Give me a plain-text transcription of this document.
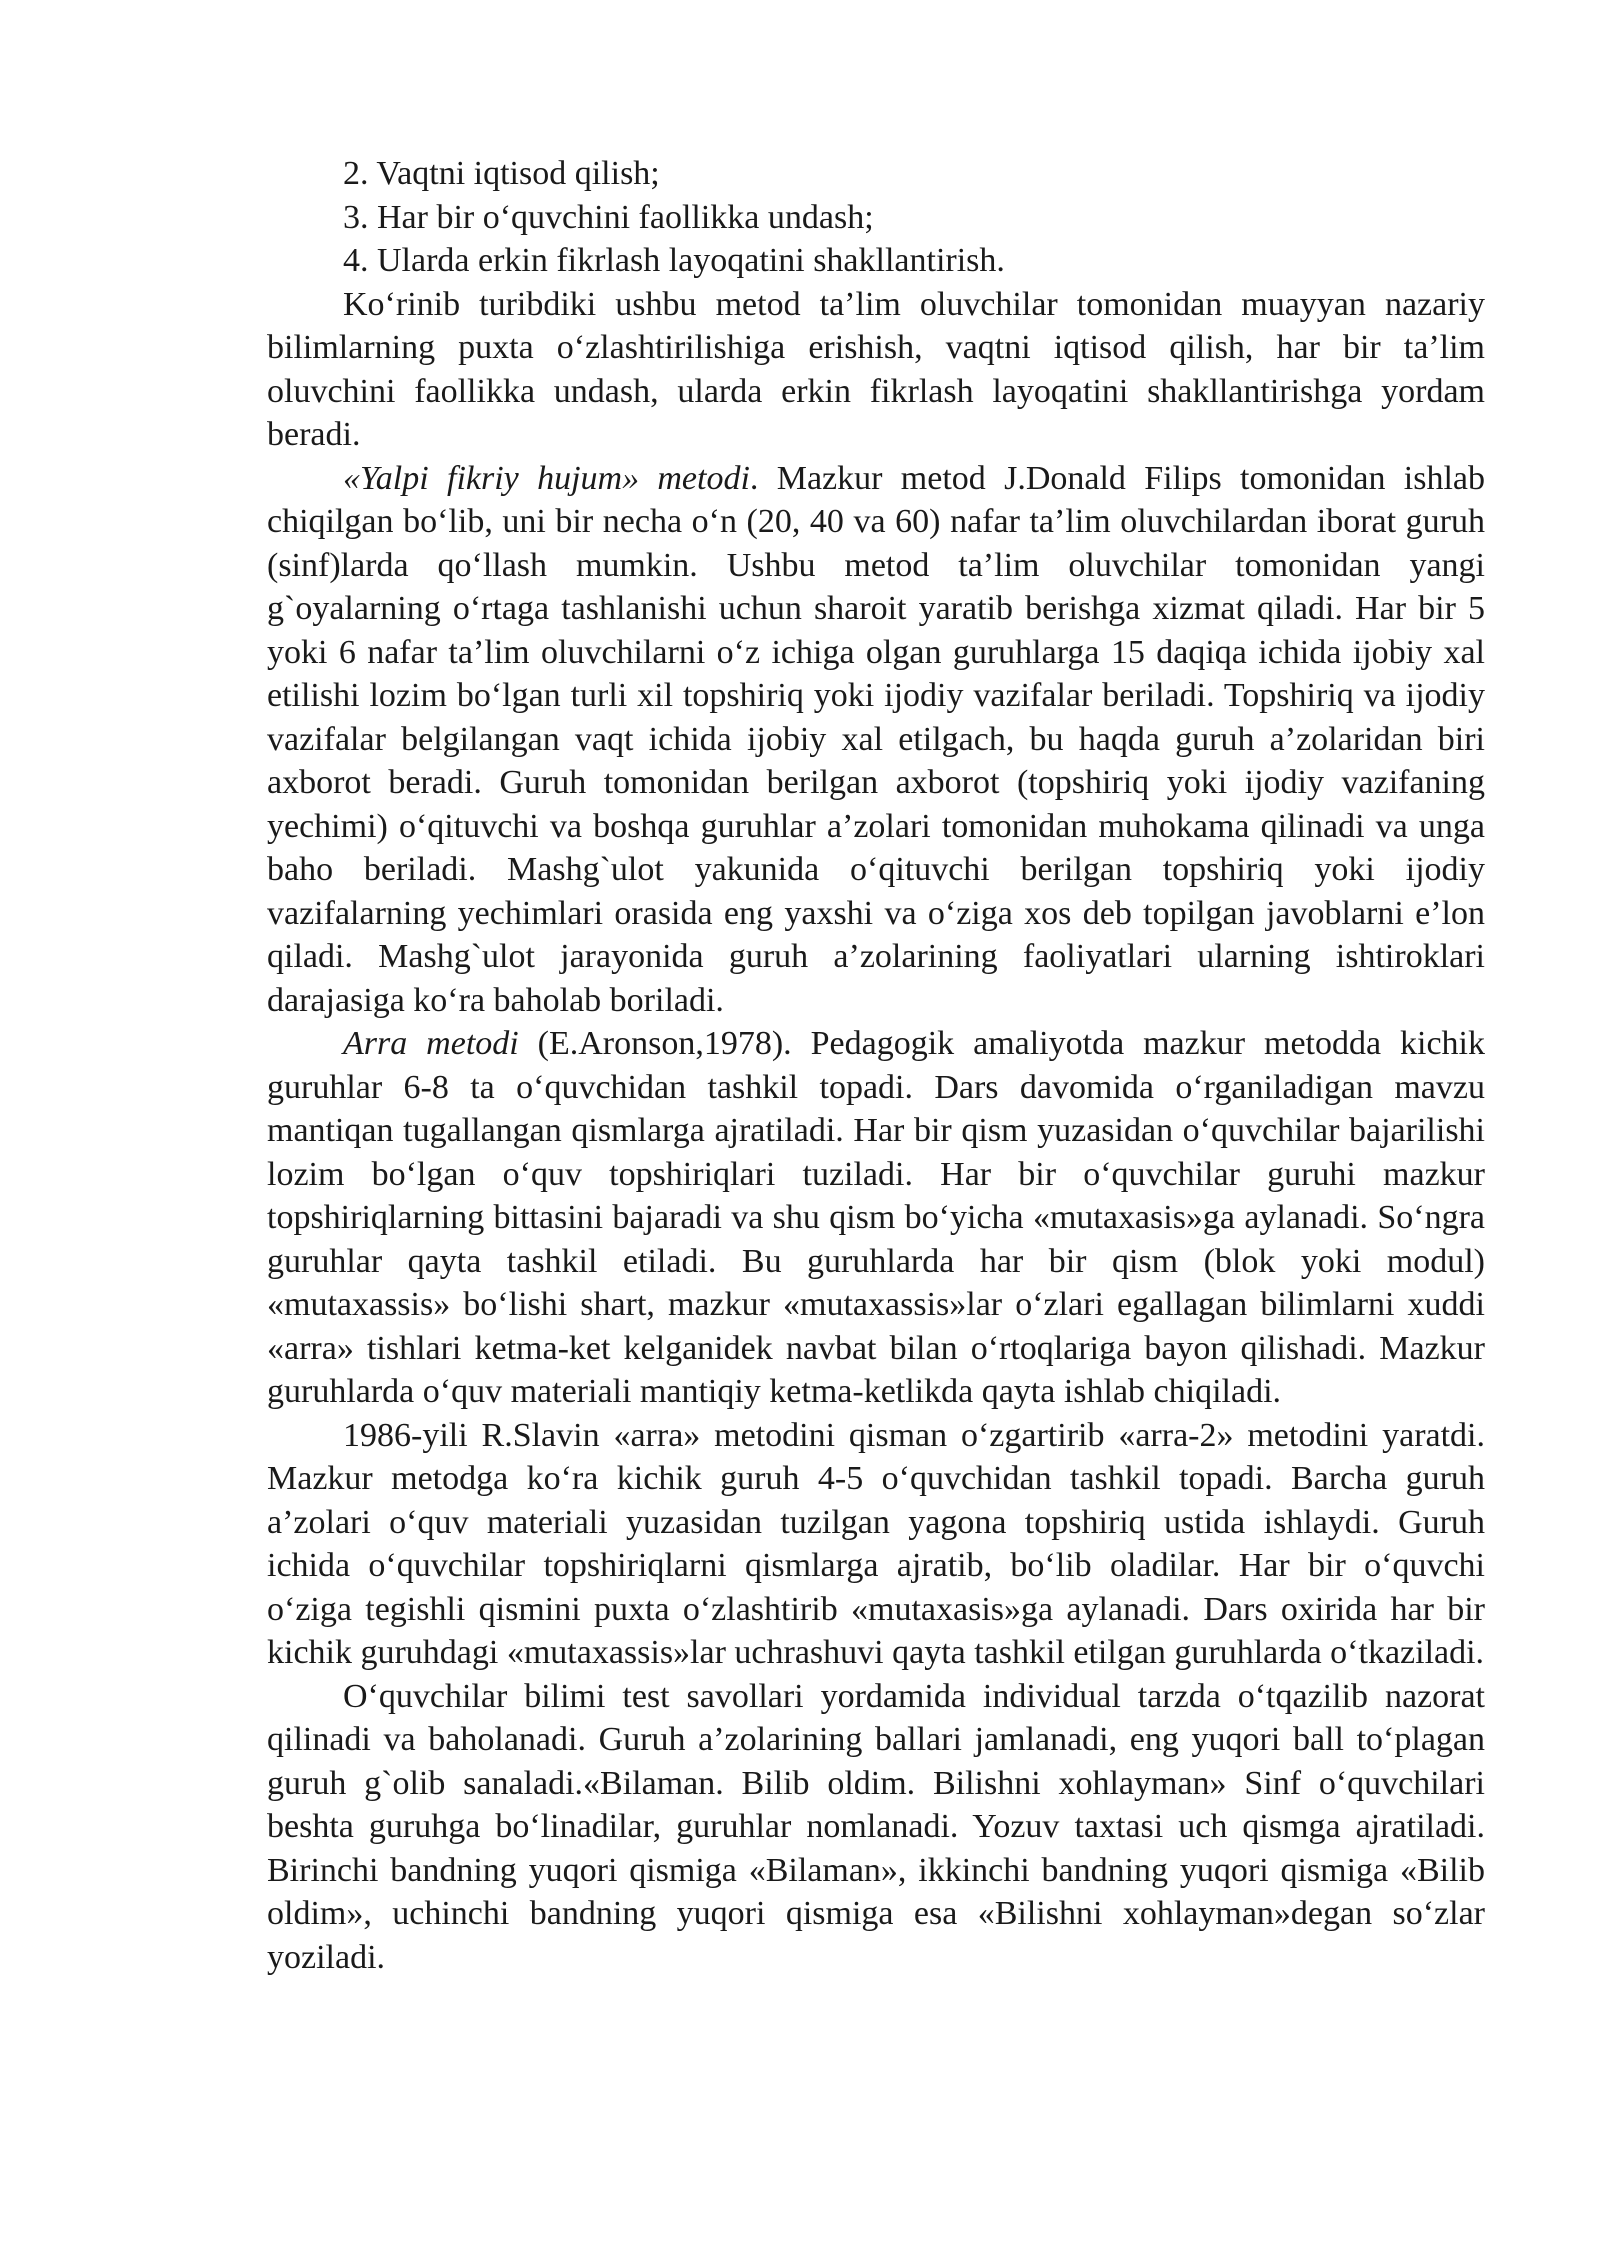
2. Vaqtni iqtisod qilish;

3. Har bir o‘quvchini faollikka undash;

4. Ularda erkin fikrlash layoqatini shakllantirish.

Ko‘rinib turibdiki ushbu metod ta’lim oluvchilar tomonidan muayyan nazariy bilimlarning puxta o‘zlashtirilishiga erishish, vaqtni iqtisod qilish, har bir ta’lim oluvchini faollikka undash, ularda erkin fikrlash layoqatini shakllantirishga yordam beradi.

«Yalpi fikriy hujum» metodi. Mazkur metod J.Donald Filips tomonidan ishlab chiqilgan bo‘lib, uni bir necha o‘n (20, 40 va 60) nafar ta’lim oluvchilardan iborat guruh (sinf)larda qo‘llash mumkin. Ushbu metod ta’lim oluvchilar tomonidan yangi g`oyalarning o‘rtaga tashlanishi uchun sharoit yaratib berishga xizmat qiladi. Har bir 5 yoki 6 nafar ta’lim oluvchilarni o‘z ichiga olgan guruhlarga 15 daqiqa ichida ijobiy xal etilishi lozim bo‘lgan turli xil topshiriq yoki ijodiy vazifalar beriladi. Topshiriq va ijodiy vazifalar belgilangan vaqt ichida ijobiy xal etilgach, bu haqda guruh a’zolaridan biri axborot beradi. Guruh tomonidan berilgan axborot (topshiriq yoki ijodiy vazifaning yechimi) o‘qituvchi va boshqa guruhlar a’zolari tomonidan muhokama qilinadi va unga baho beriladi. Mashg`ulot yakunida o‘qituvchi berilgan topshiriq yoki ijodiy vazifalarning yechimlari orasida eng yaxshi va o‘ziga xos deb topilgan javoblarni e’lon qiladi. Mashg`ulot jarayonida guruh a’zolarining faoliyatlari ularning ishtiroklari darajasiga ko‘ra baholab boriladi.

Arra metodi (E.Aronson,1978). Pedagogik amaliyotda mazkur metodda kichik guruhlar 6-8 ta o‘quvchidan tashkil topadi. Dars davomida o‘rganiladigan mavzu mantiqan tugallangan qismlarga ajratiladi. Har bir qism yuzasidan o‘quvchilar bajarilishi lozim bo‘lgan o‘quv topshiriqlari tuziladi. Har bir o‘quvchilar guruhi mazkur topshiriqlarning bittasini bajaradi va shu qism bo‘yicha «mutaxasis»ga aylanadi. So‘ngra guruhlar qayta tashkil etiladi. Bu guruhlarda har bir qism (blok yoki modul) «mutaxassis» bo‘lishi shart, mazkur «mutaxassis»lar o‘zlari egallagan bilimlarni xuddi «arra» tishlari ketma-ket kelganidek navbat bilan o‘rtoqlariga bayon qilishadi. Mazkur guruhlarda o‘quv materiali mantiqiy ketma-ketlikda qayta ishlab chiqiladi.

1986-yili R.Slavin «arra» metodini qisman o‘zgartirib «arra-2» metodini yaratdi. Mazkur metodga ko‘ra kichik guruh 4-5 o‘quvchidan tashkil topadi. Barcha guruh a’zolari o‘quv materiali yuzasidan tuzilgan yagona topshiriq ustida ishlaydi. Guruh ichida o‘quvchilar topshiriqlarni qismlarga ajratib, bo‘lib oladilar. Har bir o‘quvchi o‘ziga tegishli qismini puxta o‘zlashtirib «mutaxasis»ga aylanadi. Dars oxirida har bir kichik guruhdagi «mutaxassis»lar uchrashuvi qayta tashkil etilgan guruhlarda o‘tkaziladi.

O‘quvchilar bilimi test savollari yordamida individual tarzda o‘tqazilib nazorat qilinadi va baholanadi. Guruh a’zolarining ballari jamlanadi, eng yuqori ball to‘plagan guruh g`olib sanaladi.«Bilaman. Bilib oldim. Bilishni xohlayman» Sinf o‘quvchilari beshta guruhga bo‘linadilar, guruhlar nomlanadi. Yozuv taxtasi uch qismga ajratiladi. Birinchi bandning yuqori qismiga «Bilaman», ikkinchi bandning yuqori qismiga «Bilib oldim», uchinchi bandning yuqori qismiga esa «Bilishni xohlayman»degan so‘zlar yoziladi.
